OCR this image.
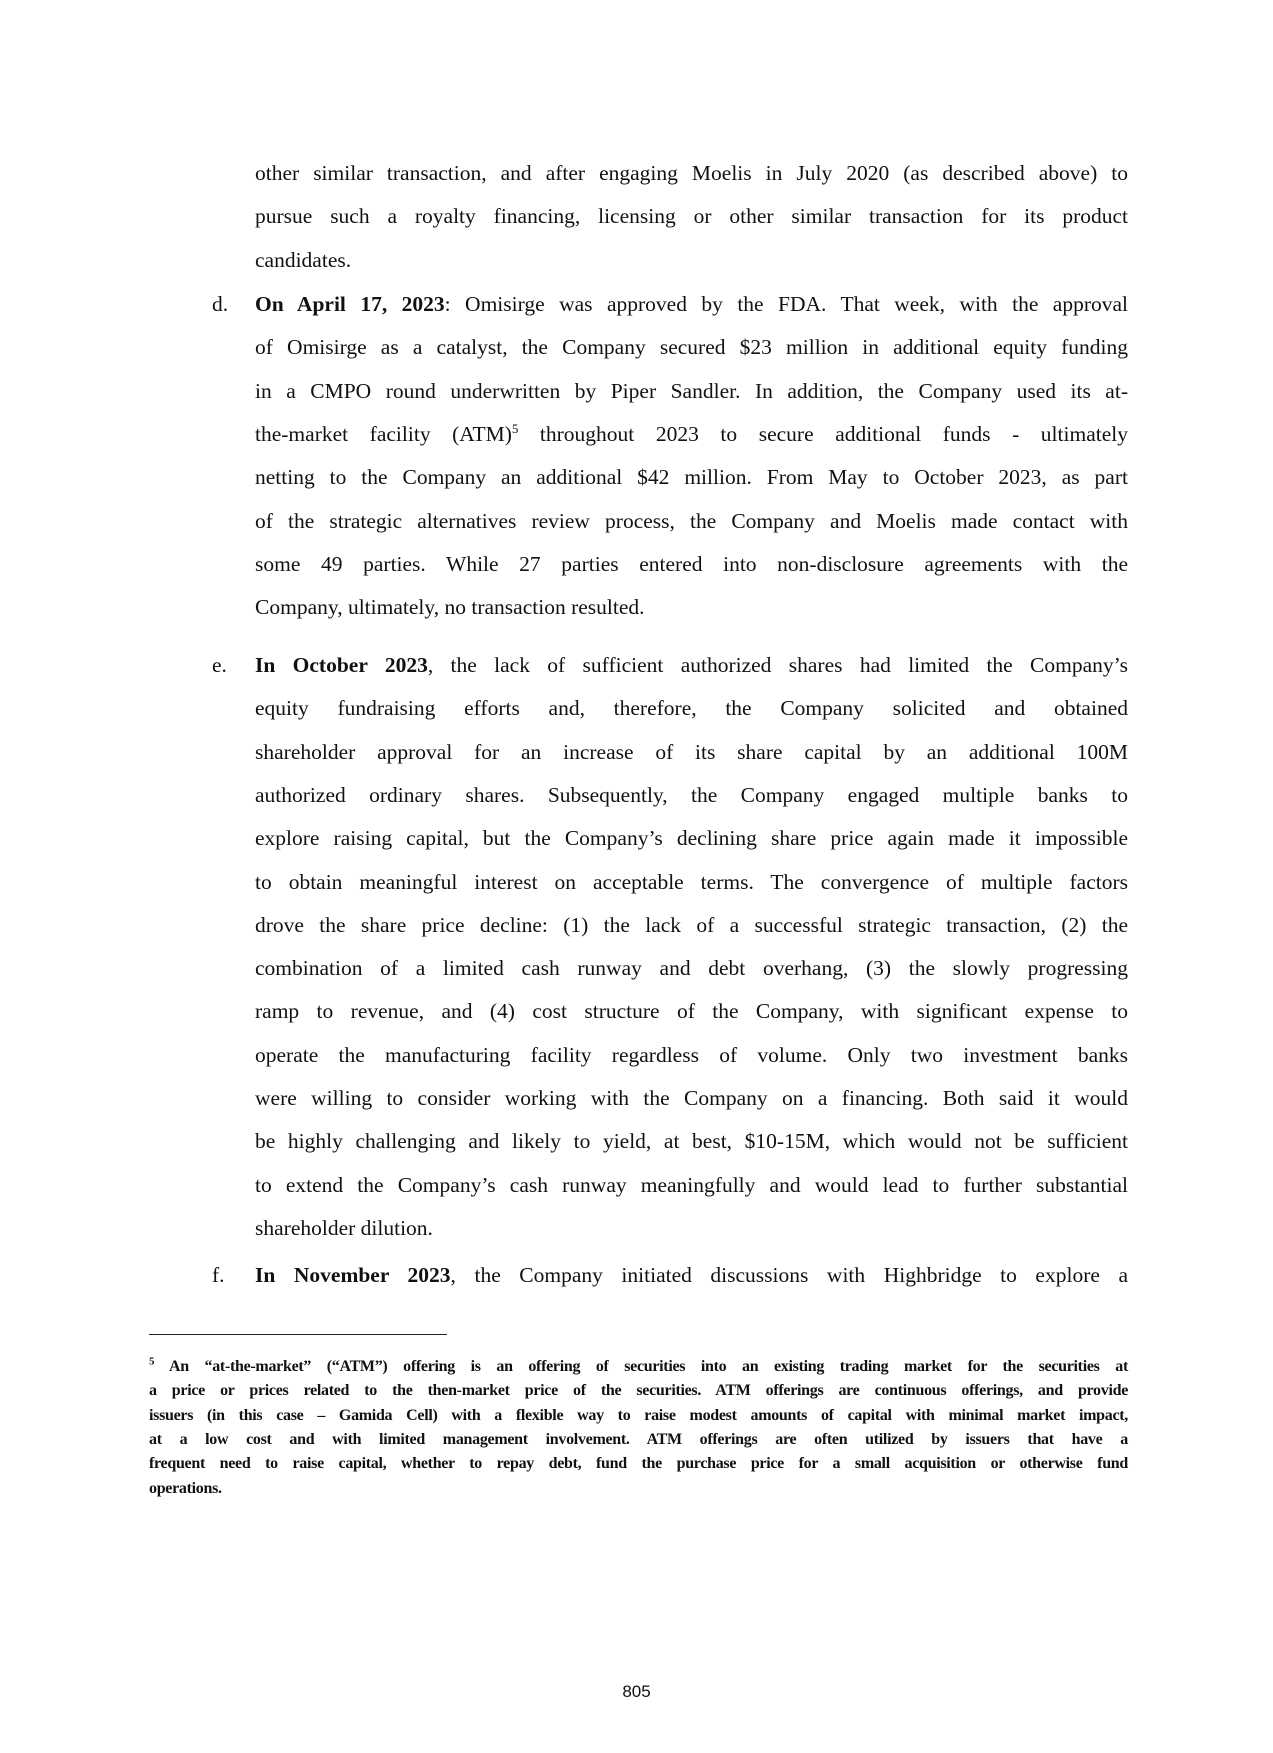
other similar transaction, and after engaging Moelis in July 2020 (as described above) to
pursue such a royalty financing, licensing or other similar transaction for its product
candidates.
d. On April 17, 2023: Omisirge was approved by the FDA. That week, with the approval
of Omisirge as a catalyst, the Company secured $23 million in additional equity funding
in a CMPO round underwritten by Piper Sandler. In addition, the Company used its at-
the-market facility (ATM)$^5$ throughout 2023 to secure additional funds - ultimately
netting to the Company an additional $42 million. From May to October 2023, as part
of the strategic alternatives review process, the Company and Moelis made contact with
some 49 parties. While 27 parties entered into non-disclosure agreements with the
Company, ultimately, no transaction resulted.
e. In October 2023, the lack of sufficient authorized shares had limited the Company’s
equity fundraising efforts and, therefore, the Company solicited and obtained
shareholder approval for an increase of its share capital by an additional 100M
authorized ordinary shares. Subsequently, the Company engaged multiple banks to
explore raising capital, but the Company’s declining share price again made it impossible
to obtain meaningful interest on acceptable terms. The convergence of multiple factors
drove the share price decline: (1) the lack of a successful strategic transaction, (2) the
combination of a limited cash runway and debt overhang, (3) the slowly progressing
ramp to revenue, and (4) cost structure of the Company, with significant expense to
operate the manufacturing facility regardless of volume. Only two investment banks
were willing to consider working with the Company on a financing. Both said it would
be highly challenging and likely to yield, at best, $10-15M, which would not be sufficient
to extend the Company’s cash runway meaningfully and would lead to further substantial
shareholder dilution.
f. In November 2023, the Company initiated discussions with Highbridge to explore a
$^5$ An “at-the-market” (“ATM”) offering is an offering of securities into an existing trading market for the securities at
a price or prices related to the then-market price of the securities. ATM offerings are continuous offerings, and provide
issuers (in this case – Gamida Cell) with a flexible way to raise modest amounts of capital with minimal market impact,
at a low cost and with limited management involvement. ATM offerings are often utilized by issuers that have a
frequent need to raise capital, whether to repay debt, fund the purchase price for a small acquisition or otherwise fund
operations.
805
